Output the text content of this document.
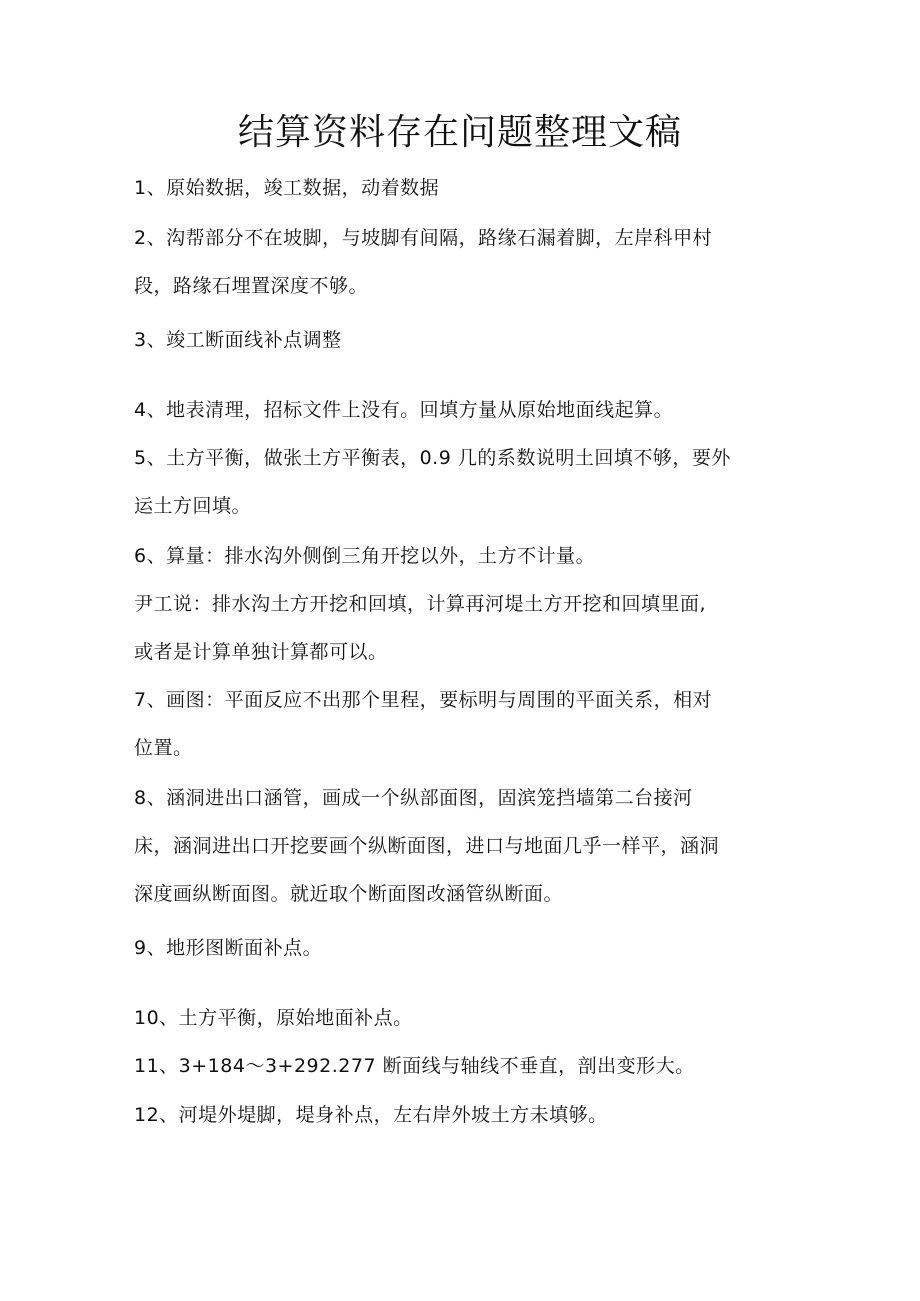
结算资料存在问题整理文稿
1、原始数据，竣工数据，动着数据
2、沟帮部分不在坡脚，与坡脚有间隔，路缘石漏着脚，左岸科甲村
段，路缘石埋置深度不够。
3、竣工断面线补点调整
4、地表清理，招标文件上没有。回填方量从原始地面线起算。
5、土方平衡，做张土方平衡表，0.9 几的系数说明土回填不够，要外
运土方回填。
6、算量：排水沟外侧倒三角开挖以外，土方不计量。
尹工说：排水沟土方开挖和回填，计算再河堤土方开挖和回填里面,
或者是计算单独计算都可以。
7、画图：平面反应不出那个里程，要标明与周围的平面关系，相对
位置。
8、涵洞进出口涵管，画成一个纵部面图，固滨笼挡墙第二台接河
床，涵洞进出口开挖要画个纵断面图，进口与地面几乎一样平，涵洞
深度画纵断面图。就近取个断面图改涵管纵断面。
9、地形图断面补点。
10、土方平衡，原始地面补点。
11、3+184～3+292.277 断面线与轴线不垂直，剖出变形大。
12、河堤外堤脚，堤身补点，左右岸外坡土方未填够。
